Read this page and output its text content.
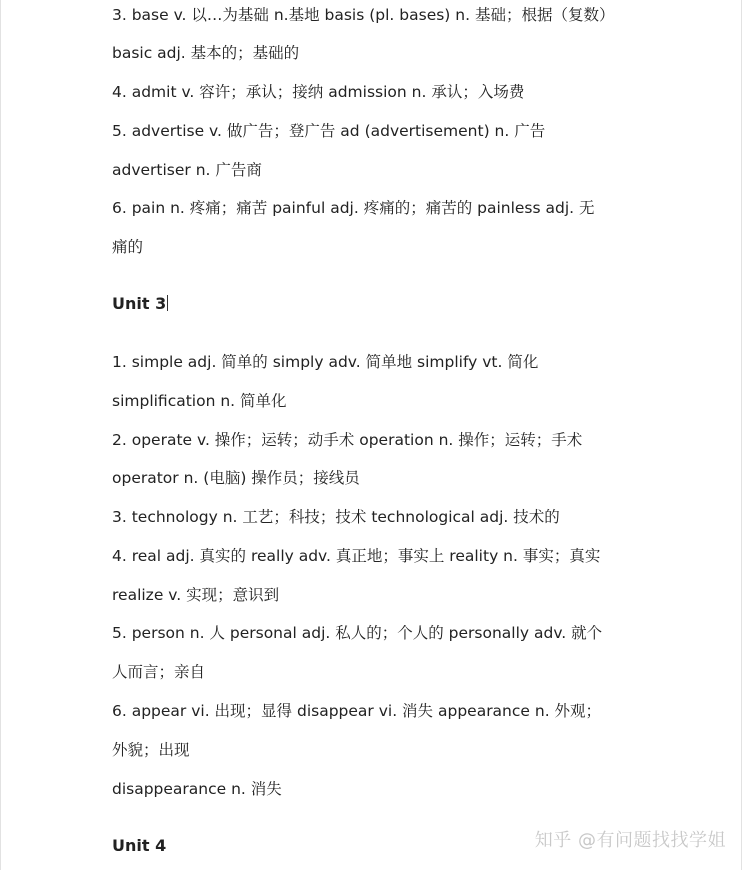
3. base v. 以…为基础 n.基地 basis (pl. bases) n. 基础；根据（复数）
basic adj. 基本的；基础的
4. admit v. 容许；承认；接纳 admission n. 承认；入场费
5. advertise v. 做广告；登广告 ad (advertisement) n. 广告
advertiser n. 广告商
6. pain n. 疼痛；痛苦 painful adj. 疼痛的；痛苦的 painless adj. 无
痛的
Unit 3
1. simple adj. 简单的 simply adv. 简单地 simplify vt. 简化
simplification n. 简单化
2. operate v. 操作；运转；动手术 operation n. 操作；运转；手术
operator n. (电脑) 操作员；接线员
3. technology n. 工艺；科技；技术 technological adj. 技术的
4. real adj. 真实的 really adv. 真正地；事实上 reality n. 事实；真实
realize v. 实现；意识到
5. person n. 人 personal adj. 私人的；个人的 personally adv. 就个
人而言；亲自
6. appear vi. 出现；显得 disappear vi. 消失 appearance n. 外观；
外貌；出现
disappearance n. 消失
Unit 4	知乎 @有问题找找学姐
